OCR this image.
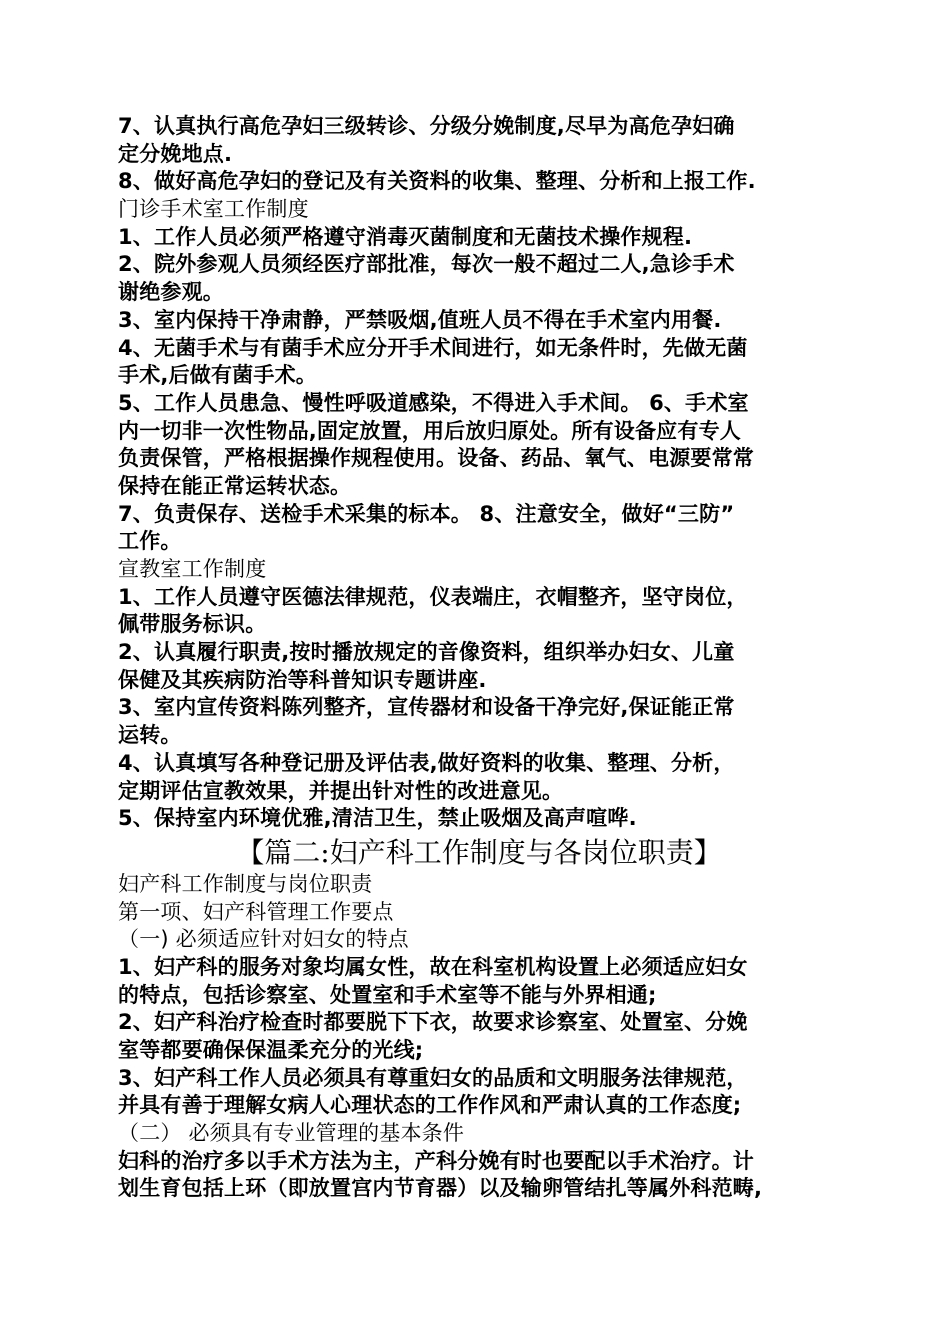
7、认真执行高危孕妇三级转诊、分级分娩制度,尽早为高危孕妇确
定分娩地点.
8、做好高危孕妇的登记及有关资料的收集、整理、分析和上报工作.
门诊手术室工作制度
1、工作人员必须严格遵守消毒灭菌制度和无菌技术操作规程.
2、院外参观人员须经医疗部批准，每次一般不超过二人,急诊手术
谢绝参观。
3、室内保持干净肃静，严禁吸烟,值班人员不得在手术室内用餐.
4、无菌手术与有菌手术应分开手术间进行，如无条件时，先做无菌
手术,后做有菌手术。
5、工作人员患急、慢性呼吸道感染，不得进入手术间。 6、手术室
内一切非一次性物品,固定放置，用后放归原处。所有设备应有专人
负责保管，严格根据操作规程使用。设备、药品、氧气、电源要常常
保持在能正常运转状态。
7、负责保存、送检手术采集的标本。 8、注意安全，做好“三防”
工作。
宣教室工作制度
1、工作人员遵守医德法律规范，仪表端庄，衣帽整齐，坚守岗位，
佩带服务标识。
2、认真履行职责,按时播放规定的音像资料，组织举办妇女、儿童
保健及其疾病防治等科普知识专题讲座.
3、室内宣传资料陈列整齐，宣传器材和设备干净完好,保证能正常
运转。
4、认真填写各种登记册及评估表,做好资料的收集、整理、分析，
定期评估宣教效果，并提出针对性的改进意见。
5、保持室内环境优雅,清洁卫生，禁止吸烟及高声喧哗.
【篇二:妇产科工作制度与各岗位职责】
妇产科工作制度与岗位职责
第一项、妇产科管理工作要点
（一) 必须适应针对妇女的特点
1、妇产科的服务对象均属女性，故在科室机构设置上必须适应妇女
的特点，包括诊察室、处置室和手术室等不能与外界相通;
2、妇产科治疗检查时都要脱下下衣，故要求诊察室、处置室、分娩
室等都要确保保温柔充分的光线;
3、妇产科工作人员必须具有尊重妇女的品质和文明服务法律规范，
并具有善于理解女病人心理状态的工作作风和严肃认真的工作态度;
（二） 必须具有专业管理的基本条件
妇科的治疗多以手术方法为主，产科分娩有时也要配以手术治疗。计
划生育包括上环（即放置宫内节育器）以及输卵管结扎等属外科范畴,
